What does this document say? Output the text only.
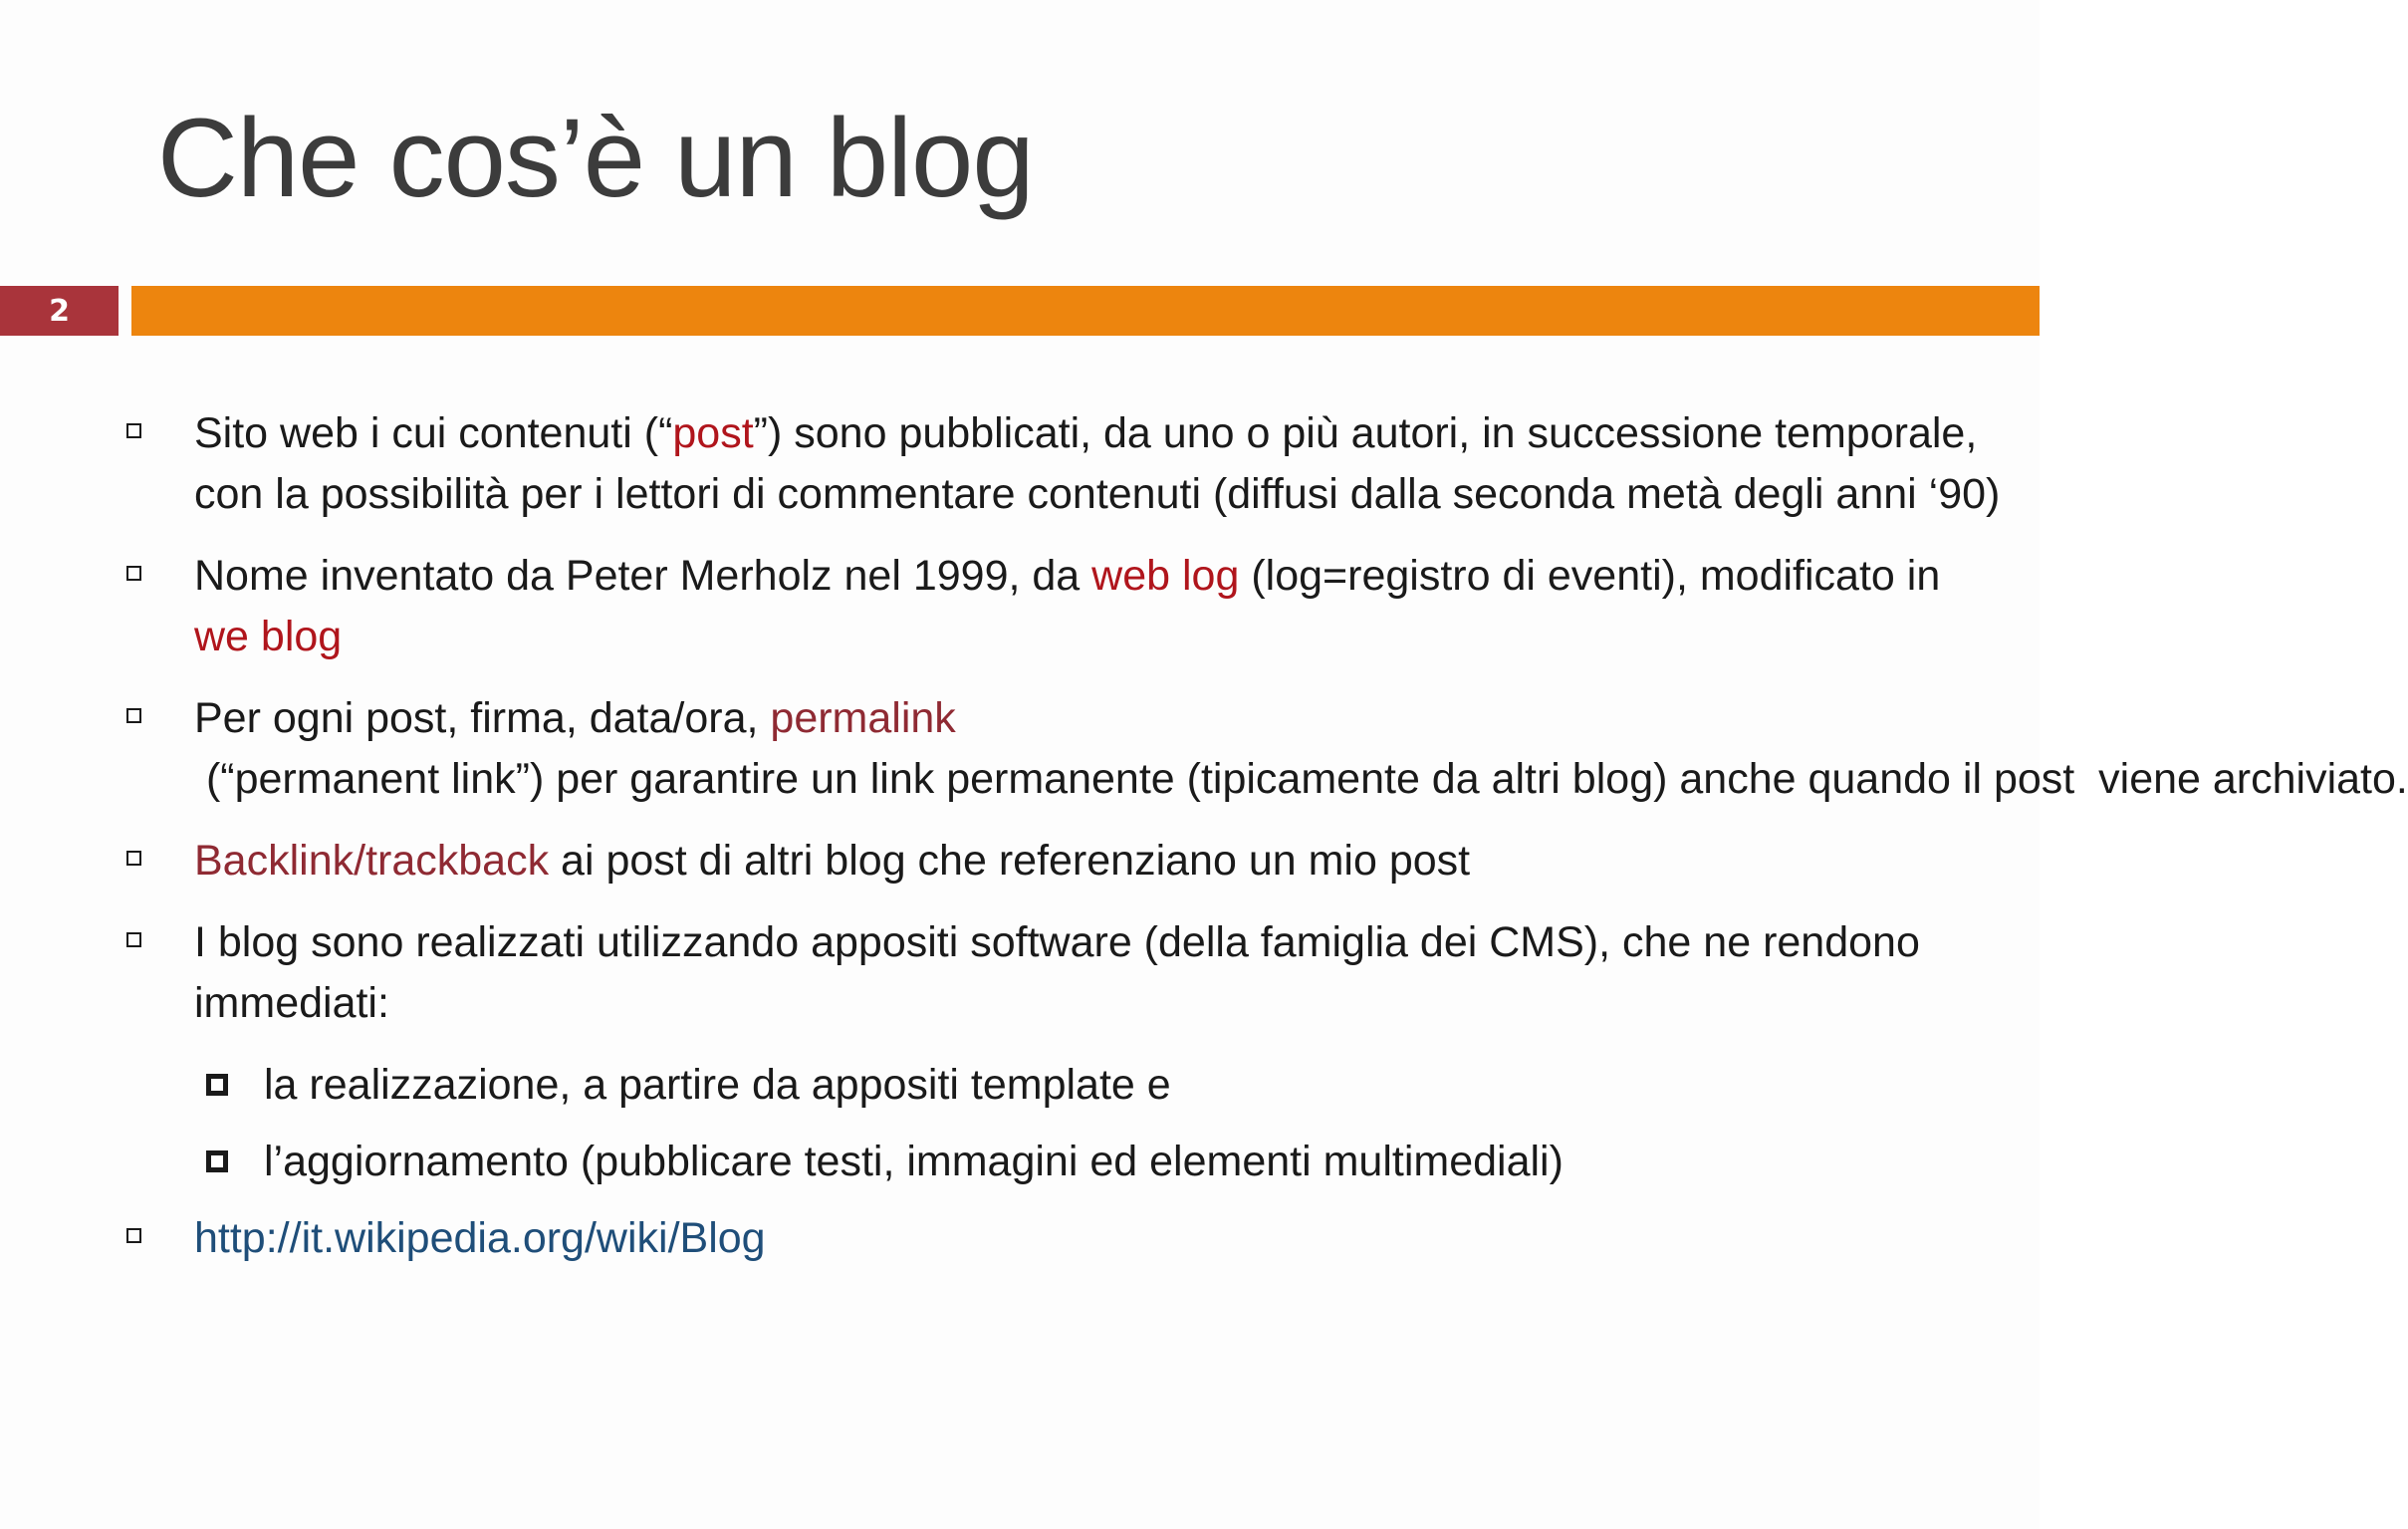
Che cos’è un blog
2
Sito web i cui contenuti (“post”) sono pubblicati, da uno o più autori, in successione temporale, con la possibilità per i lettori di commentare contenuti (diffusi dalla seconda metà degli anni ‘90)
Nome inventato da Peter Merholz nel 1999, da web log (log=registro di eventi), modificato in we blog
Per ogni post, firma, data/ora, permalink (“permanent link”) per garantire un link permanente (tipicamente da altri blog) anche quando il post  viene archiviato.
Backlink/trackback ai post di altri blog che referenziano un mio post
I blog sono realizzati utilizzando appositi software (della famiglia dei CMS), che ne rendono immediati:
la realizzazione, a partire da appositi template e
l’aggiornamento (pubblicare testi, immagini ed elementi multimediali)
http://it.wikipedia.org/wiki/Blog
